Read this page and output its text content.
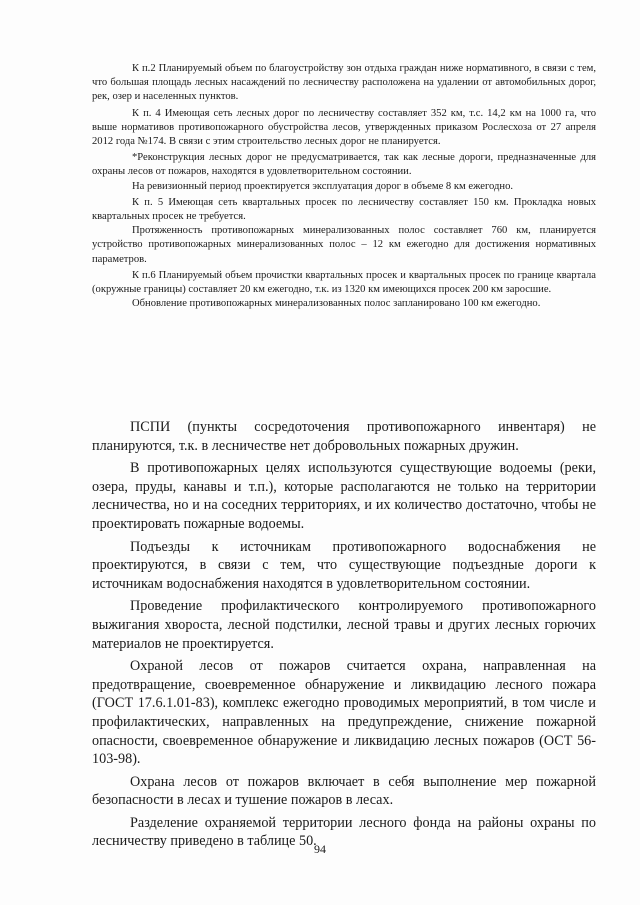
К п.2 Планируемый объем по благоустройству зон отдыха граждан ниже нормативного, в связи с тем, что большая площадь лесных насаждений по лесничеству расположена на удалении от автомобильных дорог, рек, озер и населенных пунктов.

К п. 4 Имеющая сеть лесных дорог по лесничеству составляет 352 км, т.с. 14,2 км на 1000 га, что выше нормативов противопожарного обустройства лесов, утвержденных приказом Рослесхоза от 27 апреля 2012 года №174. В связи с этим строительство лесных дорог не планируется.

*Реконструкция лесных дорог не предусматривается, так как лесные дороги, предназначенные для охраны лесов от пожаров, находятся в удовлетворительном состоянии.

На ревизионный период проектируется эксплуатация дорог в объеме 8 км ежегодно.

К п. 5 Имеющая сеть квартальных просек по лесничеству составляет 150 км. Прокладка новых квартальных просек не требуется.

Протяженность противопожарных минерализованных полос составляет 760 км, планируется устройство противопожарных минерализованных полос – 12 км ежегодно для достижения нормативных параметров.

К п.6 Планируемый объем прочистки квартальных просек и квартальных просек по границе квартала (окружные границы) составляет 20 км ежегодно, т.к. из 1320 км имеющихся просек 200 км заросшие.

Обновление противопожарных минерализованных полос запланировано 100 км ежегодно.

ПСПИ (пункты сосредоточения противопожарного инвентаря) не планируются, т.к. в лесничестве нет добровольных пожарных дружин.

В противопожарных целях используются существующие водоемы (реки, озера, пруды, канавы и т.п.), которые располагаются не только на территории лесничества, но и на соседних территориях, и их количество достаточно, чтобы не проектировать пожарные водоемы.

Подъезды к источникам противопожарного водоснабжения не проектируются, в связи с тем, что существующие подъездные дороги к источникам водоснабжения находятся в удовлетворительном состоянии.

Проведение профилактического контролируемого противопожарного выжигания хвороста, лесной подстилки, лесной травы и других лесных горючих материалов не проектируется.

Охраной лесов от пожаров считается охрана, направленная на предотвращение, своевременное обнаружение и ликвидацию лесного пожара (ГОСТ 17.6.1.01-83), комплекс ежегодно проводимых мероприятий, в том числе и профилактических, направленных на предупреждение, снижение пожарной опасности, своевременное обнаружение и ликвидацию лесных пожаров (ОСТ 56-103-98).

Охрана лесов от пожаров включает в себя выполнение мер пожарной безопасности в лесах и тушение пожаров в лесах.

Разделение охраняемой территории лесного фонда на районы охраны по лесничеству приведено в таблице 50.

94
